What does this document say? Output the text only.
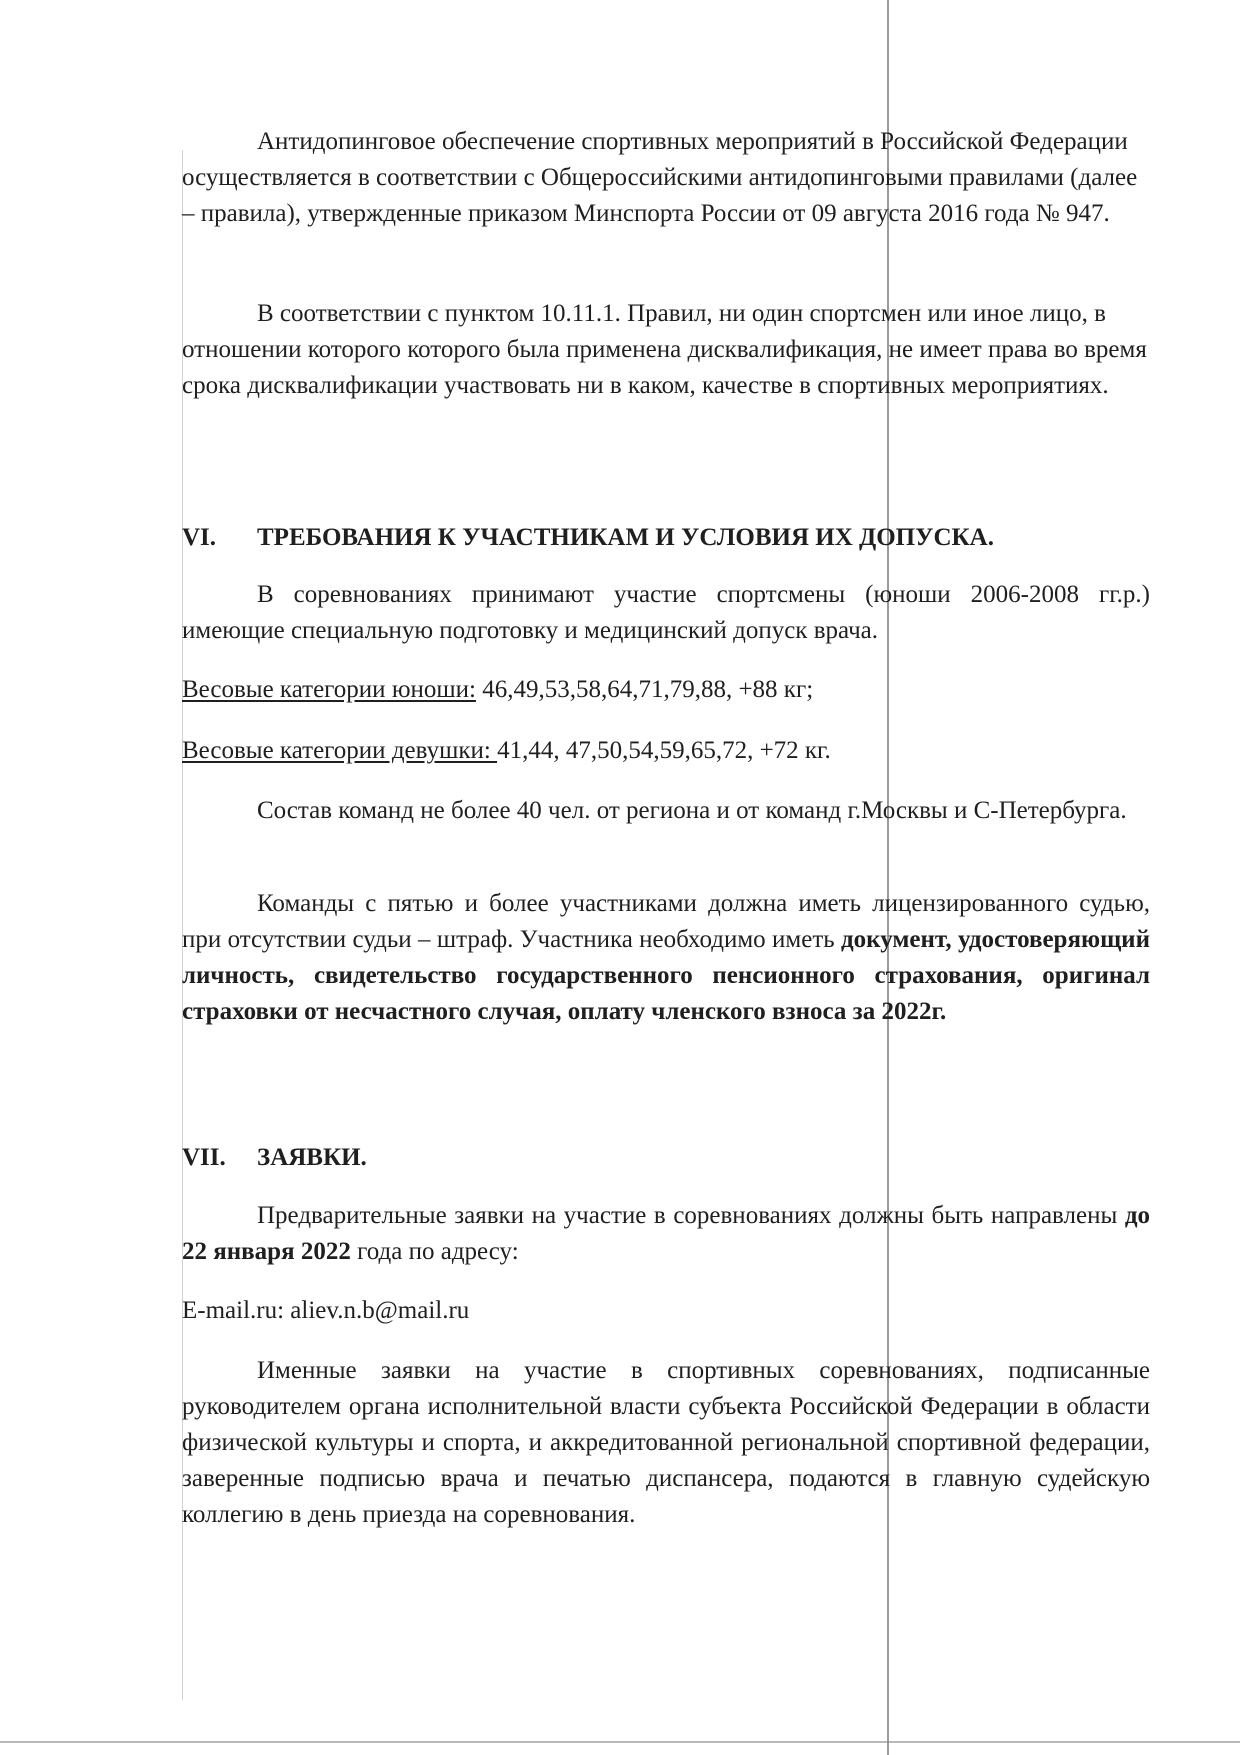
Антидопинговое обеспечение спортивных мероприятий в Российской Федерации осуществляется в соответствии с Общероссийскими антидопинговыми правилами (далее – правила), утвержденные приказом Минспорта России от 09 августа 2016 года № 947.

В соответствии с пунктом 10.11.1. Правил, ни один спортсмен или иное лицо, в отношении которого которого была применена дисквалификация, не имеет права во время срока дисквалификации участвовать ни в каком, качестве в спортивных мероприятиях.

VI. ТРЕБОВАНИЯ К УЧАСТНИКАМ И УСЛОВИЯ ИХ ДОПУСКА.

В соревнованиях принимают участие спортсмены (юноши 2006-2008 гг.р.) имеющие специальную подготовку и медицинский допуск врача.

Весовые категории юноши: 46,49,53,58,64,71,79,88, +88 кг;

Весовые категории девушки: 41,44, 47,50,54,59,65,72, +72 кг.

Состав команд не более 40 чел. от региона и от команд г.Москвы и С-Петербурга.

Команды с пятью и более участниками должна иметь лицензированного судью, при отсутствии судьи – штраф. Участника необходимо иметь документ, удостоверяющий личность, свидетельство государственного пенсионного страхования, оригинал страховки от несчастного случая, оплату членского взноса за 2022г.

VII. ЗАЯВКИ.

Предварительные заявки на участие в соревнованиях должны быть направлены до 22 января 2022 года по адресу:

E-mail.ru: aliev.n.b@mail.ru

Именные заявки на участие в спортивных соревнованиях, подписанные руководителем органа исполнительной власти субъекта Российской Федерации в области физической культуры и спорта, и аккредитованной региональной спортивной федерации, заверенные подписью врача и печатью диспансера, подаются в главную судейскую коллегию в день приезда на соревнования.
